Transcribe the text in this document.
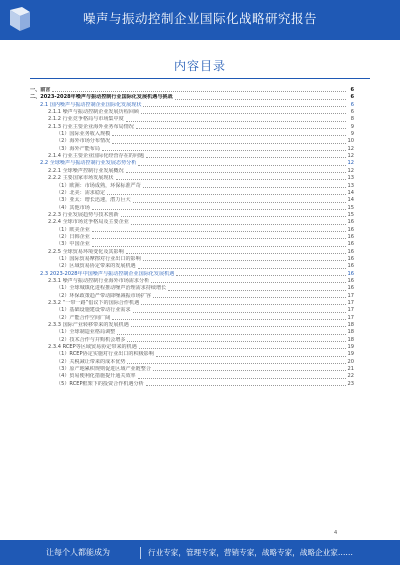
噪声与振动控制企业国际化战略研究报告
内容目录
一、前言	6
二、2023-2028年噪声与振动控制行业国际化发展机遇与挑战	6
2.1 国内噪声与振动控制企业国际化发展现状	6
2.1.1 噪声与振动控制企业发展历程回顾	6
2.1.2 行业竞争格局与市场集中度	8
2.1.3 行业主要企业海外业务布局情况	9
（1）国际业务收入规模	9
（2）海外市场分布情况	10
（3）海外产能布局	12
2.1.4 行业主要企业国际化经营存在的问题	12
2.2 全球噪声与振动控制行业发展态势分析	12
2.2.1 全球噪声控制行业发展概况	12
2.2.2 主要国家市场发展现状	13
（1）欧洲：市场成熟，环保标准严苛	13
（2）北美：需求稳定	14
（3）亚太：增长迅速，潜力巨大	14
（4）其他市场	15
2.2.3 行业发展趋势与技术创新	15
2.2.4 全球市场竞争格局及主要企业	16
（1）欧美企业	16
（2）日韩企业	16
（3）中国企业	16
2.2.5 全球贸易环境变化及其影响	16
（1）国际贸易摩擦对行业出口的影响	16
（2）区域贸易协定带来的发展机遇	16
2.3 2023-2028年中国噪声与振动控制企业国际化发展机遇	16
2.3.1 噪声与振动控制行业海外市场需求分析	16
（1）全球城镇化进程推动噪声治理需求持续增长	16
（2）环保政策趋严带动降噪减振市场扩容	17
2.3.2 “一带一路”倡议下的国际合作机遇	17
（1）基础设施建设带动行业需求	17
（2）产能合作空间广阔	17
2.3.3 国际产业转移带来的发展机遇	18
（1）全球制造业格局调整	18
（2）技术合作与并购机会增多	18
2.3.4 RCEP等区域贸易协定带来的机遇	19
（1）RCEP协定实施对行业出口的积极影响	19
（2）关税减让带来的成本优势	20
（3）原产地累积规则促进区域产业链整合	21
（4）贸易便利化措施提升通关效率	22
（5）RCEP框架下的投资合作机遇分析	23
4
让每个人都能成为	行业专家，管理专家，营销专家，战略专家，战略企业家……
